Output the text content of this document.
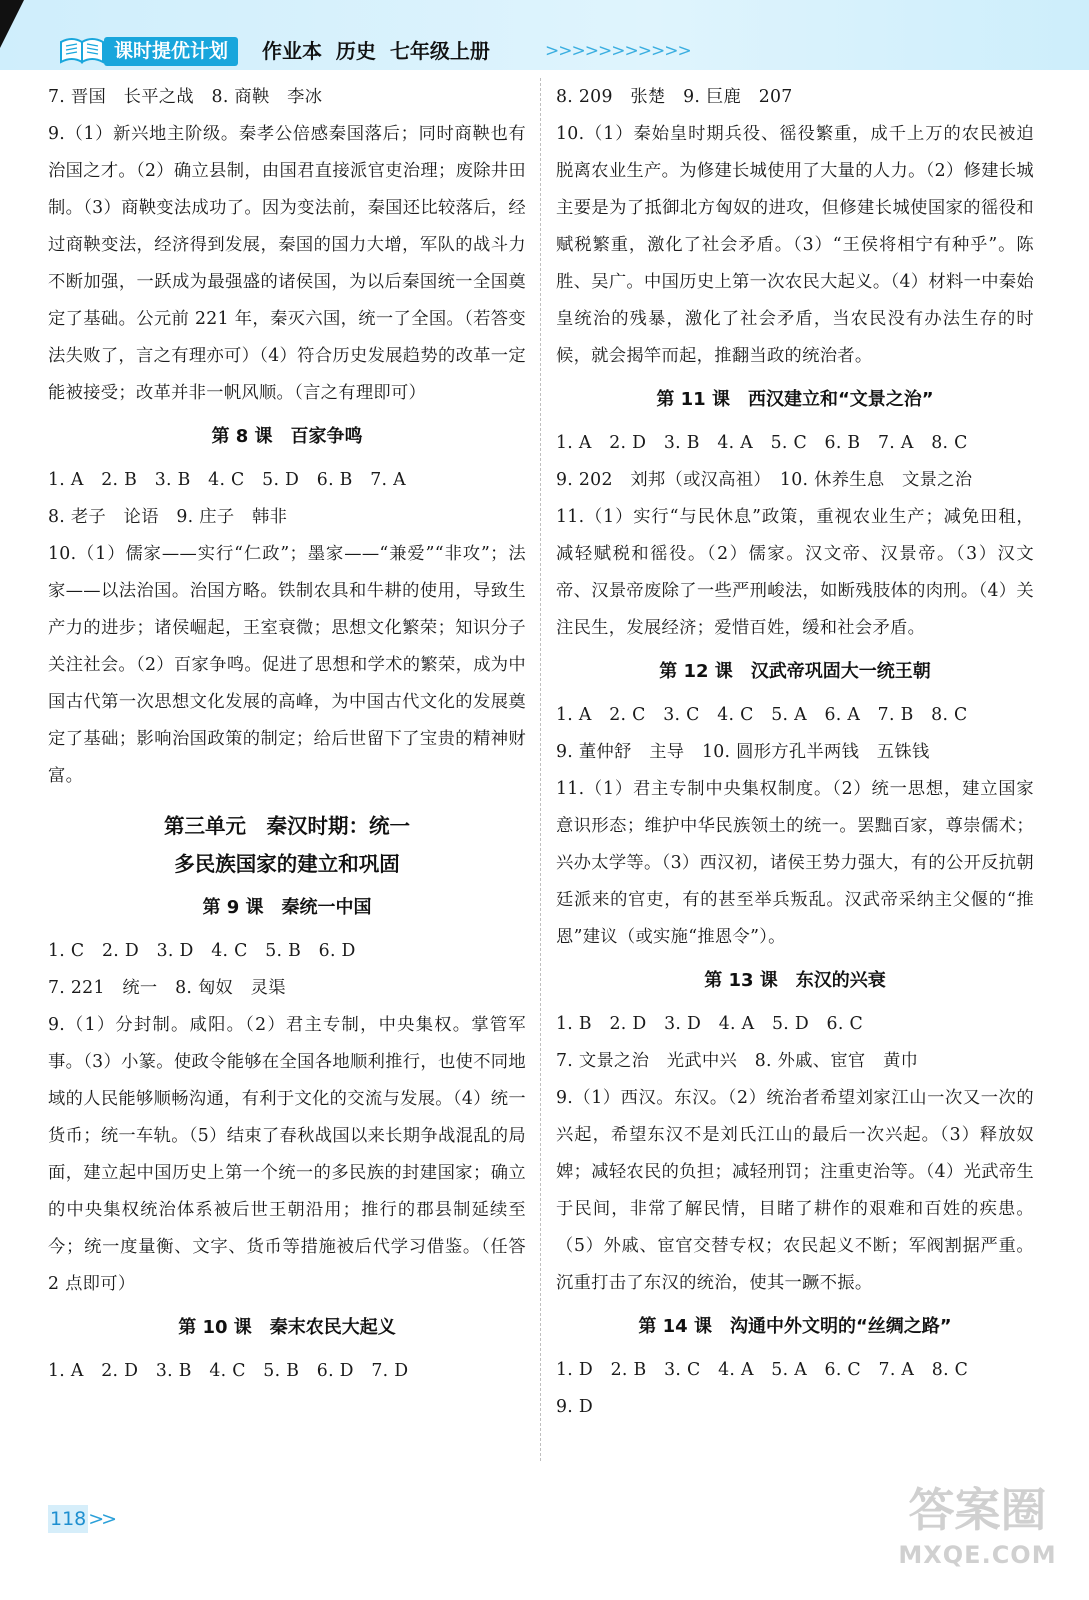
课时提优计划	作业本  历史  七年级上册	>>>>>>>>>>>

7. 晋国　长平之战　8. 商鞅　李冰

9.（1）新兴地主阶级。秦孝公倍感秦国落后；同时商鞅也有治国之才。（2）确立县制，由国君直接派官吏治理；废除井田制。（3）商鞅变法成功了。因为变法前，秦国还比较落后，经过商鞅变法，经济得到发展，秦国的国力大增，军队的战斗力不断加强，一跃成为最强盛的诸侯国，为以后秦国统一全国奠定了基础。公元前 221 年，秦灭六国，统一了全国。（若答变法失败了，言之有理亦可）（4）符合历史发展趋势的改革一定能被接受；改革并非一帆风顺。（言之有理即可）

第 8 课　百家争鸣

1. A　2. B　3. B　4. C　5. D　6. B　7. A

8. 老子　论语　9. 庄子　韩非

10.（1）儒家——实行“仁政”；墨家——“兼爱”“非攻”；法家——以法治国。治国方略。铁制农具和牛耕的使用，导致生产力的进步；诸侯崛起，王室衰微；思想文化繁荣；知识分子关注社会。（2）百家争鸣。促进了思想和学术的繁荣，成为中国古代第一次思想文化发展的高峰，为中国古代文化的发展奠定了基础；影响治国政策的制定；给后世留下了宝贵的精神财富。

第三单元　秦汉时期：统一

多民族国家的建立和巩固

第 9 课　秦统一中国

1. C　2. D　3. D　4. C　5. B　6. D

7. 221　统一　8. 匈奴　灵渠

9.（1）分封制。咸阳。（2）君主专制，中央集权。掌管军事。（3）小篆。使政令能够在全国各地顺利推行，也使不同地域的人民能够顺畅沟通，有利于文化的交流与发展。（4）统一货币；统一车轨。（5）结束了春秋战国以来长期争战混乱的局面，建立起中国历史上第一个统一的多民族的封建国家；确立的中央集权统治体系被后世王朝沿用；推行的郡县制延续至今；统一度量衡、文字、货币等措施被后代学习借鉴。（任答 2 点即可）

第 10 课　秦末农民大起义

1. A　2. D　3. B　4. C　5. B　6. D　7. D

8. 209　张楚　9. 巨鹿　207

10.（1）秦始皇时期兵役、徭役繁重，成千上万的农民被迫脱离农业生产。为修建长城使用了大量的人力。（2）修建长城主要是为了抵御北方匈奴的进攻，但修建长城使国家的徭役和赋税繁重，激化了社会矛盾。（3）“王侯将相宁有种乎”。陈胜、吴广。中国历史上第一次农民大起义。（4）材料一中秦始皇统治的残暴，激化了社会矛盾，当农民没有办法生存的时候，就会揭竿而起，推翻当政的统治者。

第 11 课　西汉建立和“文景之治”

1. A　2. D　3. B　4. A　5. C　6. B　7. A　8. C

9. 202　刘邦（或汉高祖）　10. 休养生息　文景之治

11.（1）实行“与民休息”政策，重视农业生产；减免田租，减轻赋税和徭役。（2）儒家。汉文帝、汉景帝。（3）汉文帝、汉景帝废除了一些严刑峻法，如断残肢体的肉刑。（4）关注民生，发展经济；爱惜百姓，缓和社会矛盾。

第 12 课　汉武帝巩固大一统王朝

1. A　2. C　3. C　4. C　5. A　6. A　7. B　8. C

9. 董仲舒　主导　10. 圆形方孔半两钱　五铢钱

11.（1）君主专制中央集权制度。（2）统一思想，建立国家意识形态；维护中华民族领土的统一。罢黜百家，尊崇儒术；兴办太学等。（3）西汉初，诸侯王势力强大，有的公开反抗朝廷派来的官吏，有的甚至举兵叛乱。汉武帝采纳主父偃的“推恩”建议（或实施“推恩令”）。

第 13 课　东汉的兴衰

1. B　2. D　3. D　4. A　5. D　6. C

7. 文景之治　光武中兴　8. 外戚、宦官　黄巾

9.（1）西汉。东汉。（2）统治者希望刘家江山一次又一次的兴起，希望东汉不是刘氏江山的最后一次兴起。（3）释放奴婢；减轻农民的负担；减轻刑罚；注重吏治等。（4）光武帝生于民间，非常了解民情，目睹了耕作的艰难和百姓的疾患。（5）外戚、宦官交替专权；农民起义不断；军阀割据严重。沉重打击了东汉的统治，使其一蹶不振。

第 14 课　沟通中外文明的“丝绸之路”

1. D　2. B　3. C　4. A　5. A　6. C　7. A　8. C

9. D

118 >>	答案圈
MXQE.COM
